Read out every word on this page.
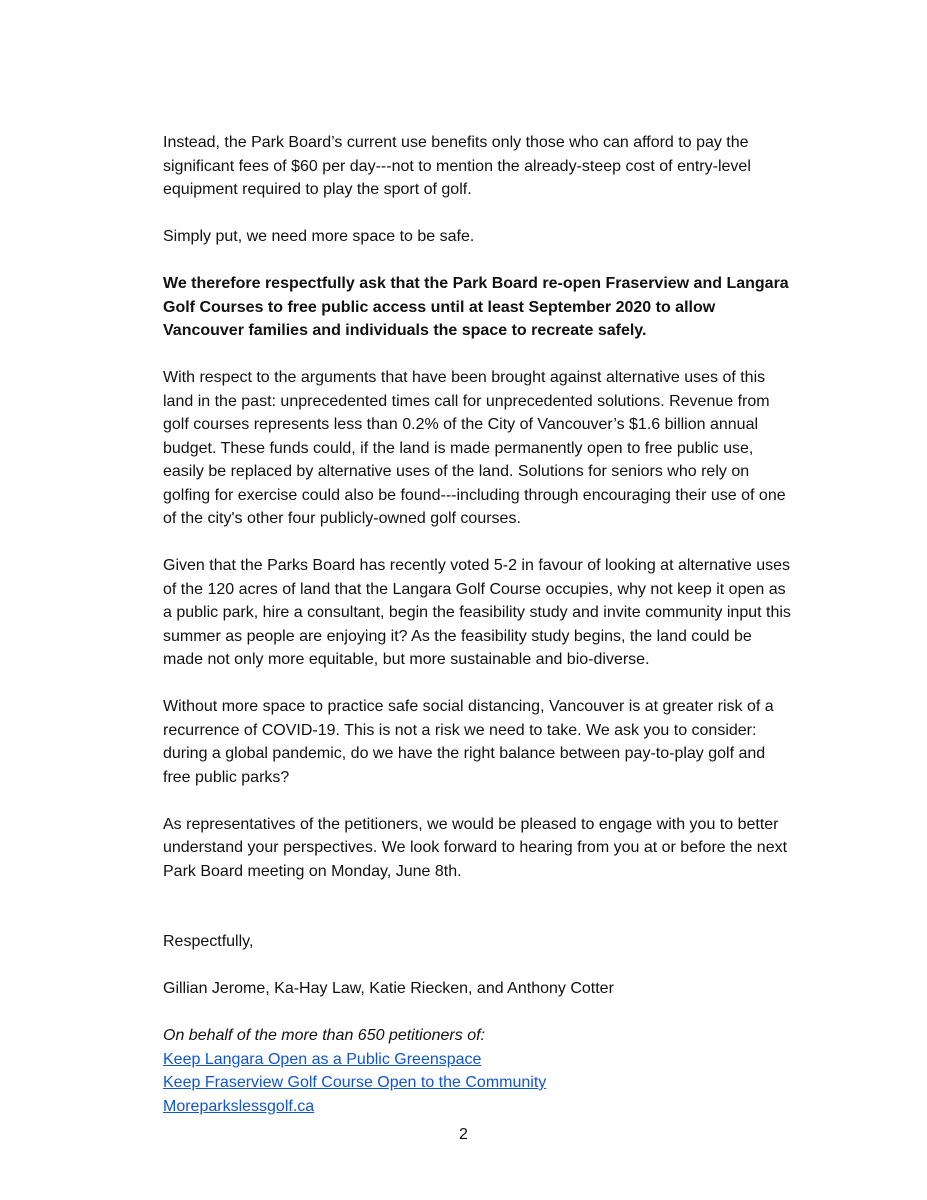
Instead, the Park Board’s current use benefits only those who can afford to pay the
significant fees of $60 per day---not to mention the already-steep cost of entry-level
equipment required to play the sport of golf.

Simply put, we need more space to be safe.

We therefore respectfully ask that the Park Board re-open Fraserview and Langara
Golf Courses to free public access until at least September 2020 to allow
Vancouver families and individuals the space to recreate safely.

With respect to the arguments that have been brought against alternative uses of this
land in the past: unprecedented times call for unprecedented solutions. Revenue from
golf courses represents less than 0.2% of the City of Vancouver’s $1.6 billion annual
budget. These funds could, if the land is made permanently open to free public use,
easily be replaced by alternative uses of the land. Solutions for seniors who rely on
golfing for exercise could also be found---including through encouraging their use of one
of the city's other four publicly-owned golf courses.

Given that the Parks Board has recently voted 5-2 in favour of looking at alternative uses
of the 120 acres of land that the Langara Golf Course occupies, why not keep it open as
a public park, hire a consultant, begin the feasibility study and invite community input this
summer as people are enjoying it? As the feasibility study begins, the land could be
made not only more equitable, but more sustainable and bio-diverse.

Without more space to practice safe social distancing, Vancouver is at greater risk of a
recurrence of COVID-19. This is not a risk we need to take. We ask you to consider:
during a global pandemic, do we have the right balance between pay-to-play golf and
free public parks?

As representatives of the petitioners, we would be pleased to engage with you to better
understand your perspectives. We look forward to hearing from you at or before the next
Park Board meeting on Monday, June 8th.

Respectfully,

Gillian Jerome, Ka-Hay Law, Katie Riecken, and Anthony Cotter

On behalf of the more than 650 petitioners of:
Keep Langara Open as a Public Greenspace
Keep Fraserview Golf Course Open to the Community
Moreparkslessgolf.ca
2
